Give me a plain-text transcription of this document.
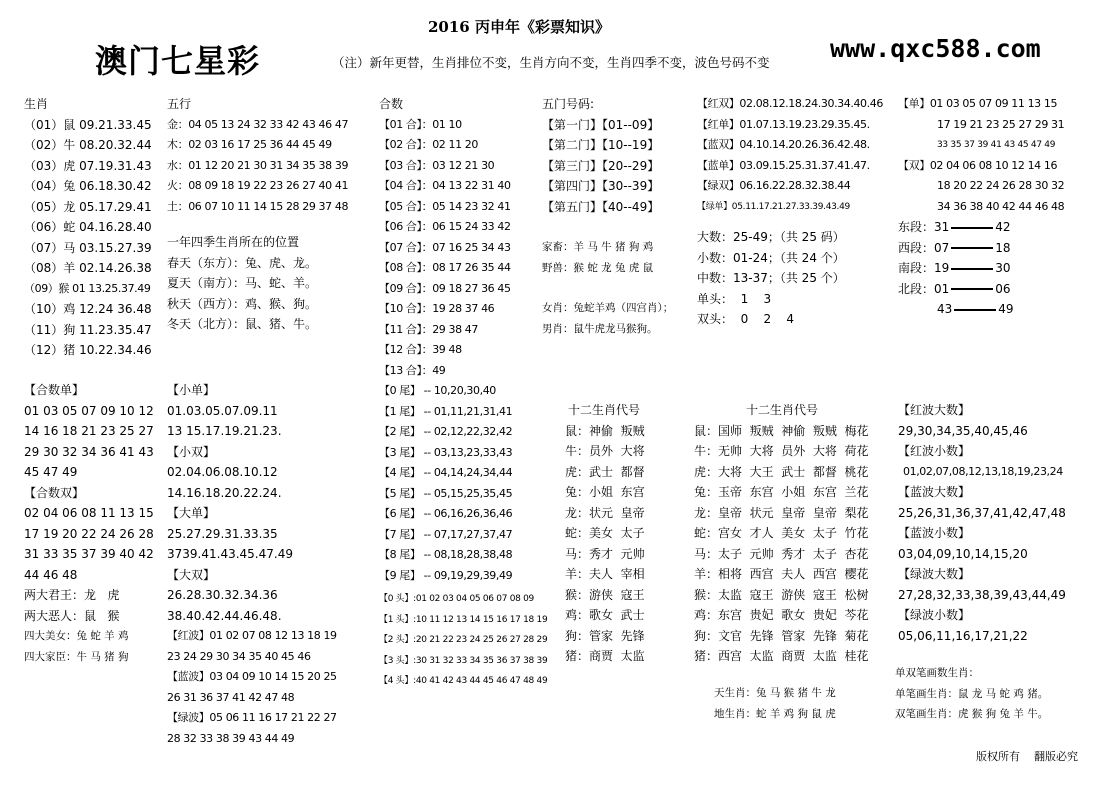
2016 丙申年《彩票知识》
澳门七星彩	（注）新年更替，生肖排位不变，生肖方向不变，生肖四季不变，波色号码不变 www.qxc588.com
生肖
（01）鼠 09.21.33.45
（02）牛 08.20.32.44
（03）虎 07.19.31.43
（04）兔 06.18.30.42
（05）龙 05.17.29.41
（06）蛇 04.16.28.40
（07）马 03.15.27.39
（08）羊 02.14.26.38
（09）猴 01 13.25.37.49
（10）鸡 12.24 36.48
（11）狗 11.23.35.47
（12）猪 10.22.34.46
【合数单】
01 03 05 07 09 10 12
14 16 18 21 23 25 27
29 30 32 34 36 41 43
45 47 49
【合数双】
02 04 06 08 11 13 15
17 19 20 22 24 26 28
31 33 35 37 39 40 42
44 46 48
两大君王：龙   虎
两大恶人：鼠   猴
四大美女：兔 蛇 羊 鸡
四大家臣：牛 马 猪 狗
五行
金：04 05 13 24 32 33 42 43 46 47
木：02 03 16 17 25 36 44 45 49
水：01 12 20 21 30 31 34 35 38 39
火：08 09 18 19 22 23 26 27 40 41
土：06 07 10 11 14 15 28 29 37 48
一年四季生肖所在的位置
春天（东方）：兔、虎、龙。
夏天（南方）：马、蛇、羊。
秋天（西方）：鸡、猴、狗。
冬天（北方）：鼠、猪、牛。
【小单】
01.03.05.07.09.11
13 15.17.19.21.23.
【小双】
02.04.06.08.10.12
14.16.18.20.22.24.
【大单】
25.27.29.31.33.35
3739.41.43.45.47.49
【大双】
26.28.30.32.34.36
38.40.42.44.46.48.
【红波】01 02 07 08 12 13 18 19
23 24 29 30 34 35 40 45 46
【蓝波】03 04 09 10 14 15 20 25
26 31 36 37 41 42 47 48
【绿波】05 06 11 16 17 21 22 27
28 32 33 38 39 43 44 49
合数
【01 合】：01 10
【02 合】：02 11 20
【03 合】：03 12 21 30
【04 合】：04 13 22 31 40
【05 合】：05 14 23 32 41
【06 合】：06 15 24 33 42
【07 合】：07 16 25 34 43
【08 合】：08 17 26 35 44
【09 合】：09 18 27 36 45
【10 合】：19 28 37 46
【11 合】：29 38 47
【12 合】：39 48
【13 合】：49
【0 尾】 -- 10,20,30,40
【1 尾】 -- 01,11,21,31,41
【2 尾】 -- 02,12,22,32,42
【3 尾】 -- 03,13,23,33,43
【4 尾】 -- 04,14,24,34,44
【5 尾】 -- 05,15,25,35,45
【6 尾】 -- 06,16,26,36,46
【7 尾】 -- 07,17,27,37,47
【8 尾】 -- 08,18,28,38,48
【9 尾】 -- 09,19,29,39,49
【0 头】:01 02 03 04 05 06 07 08 09
【1 头】:10 11 12 13 14 15 16 17 18 19
【2 头】:20 21 22 23 24 25 26 27 28 29
【3 头】:30 31 32 33 34 35 36 37 38 39
【4 头】:40 41 42 43 44 45 46 47 48 49
五门号码:
【第一门】【01--09】
【第二门】【10--19】
【第三门】【20--29】
【第四门】【30--39】
【第五门】【40--49】
家畜：羊 马 牛 猪 狗 鸡
野兽：猴 蛇 龙 兔 虎 鼠
女肖：兔蛇羊鸡（四宫肖）；
男肖：鼠牛虎龙马猴狗。
十二生肖代号
鼠：神偷  叛贼
牛：员外  大将
虎：武士  都督
兔：小姐  东宫
龙：状元  皇帝
蛇：美女  太子
马：秀才  元帅
羊：夫人  宰相
猴：游侠  寇王
鸡：歌女  武士
狗：管家  先锋
猪：商贾  太监
【红双】02.08.12.18.24.30.34.40.46
【红单】01.07.13.19.23.29.35.45.
【蓝双】04.10.14.20.26.36.42.48.
【蓝单】03.09.15.25.31.37.41.47.
【绿双】06.16.22.28.32.38.44
【绿单】05.11.17.21.27.33.39.43.49
大数：25-49；（共 25 码）
小数：01-24；（共 24 个）
中数：13-37；（共 25 个）
单头：  1    3
双头：  0    2    4
十二生肖代号
鼠：国师  叛贼  神偷  叛贼  梅花
牛：无帅  大将  员外  大将  荷花
虎：大将  大王  武士  都督  桃花
兔：玉帝  东宫  小姐  东宫  兰花
龙：皇帝  状元  皇帝  皇帝  梨花
蛇：宫女  才人  美女  太子  竹花
马：太子  元帅  秀才  太子  杏花
羊：相将  西宫  夫人  西宫  樱花
猴：太监  寇王  游侠  寇王  松树
鸡：东宫  贵妃  歌女  贵妃  芩花
狗：文官  先锋  管家  先锋  菊花
猪：西宫  太监  商贾  太监  桂花
天生肖：兔 马 猴 猪 牛 龙
地生肖：蛇 羊 鸡 狗 鼠 虎
【单】01 03 05 07 09 11 13 15
17 19 21 23 25 27 29 31
33 35 37 39 41 43 45 47 49
【双】02 04 06 08 10 12 14 16
18 20 22 24 26 28 30 32
34 36 38 40 42 44 46 48
东段：31	42
西段：07	18
南段：19	30
北段：01	06
43	49
【红波大数】
29,30,34,35,40,45,46
【红波小数】
01,02,07,08,12,13,18,19,23,24
【蓝波大数】
25,26,31,36,37,41,42,47,48
【蓝波小数】
03,04,09,10,14,15,20
【绿波大数】
27,28,32,33,38,39,43,44,49
【绿波小数】
05,06,11,16,17,21,22
单双笔画数生肖：
单笔画生肖：鼠 龙 马 蛇 鸡 猪。
双笔画生肖：虎 猴 狗 兔 羊 牛。
版权所有    翻版必究
